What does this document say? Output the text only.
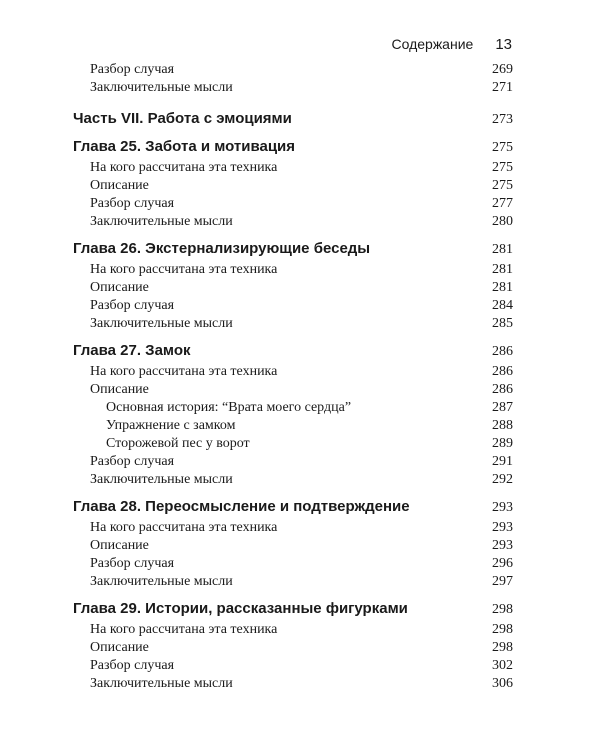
Содержание 13
Разбор случая	269
Заключительные мысли	271
Часть VII. Работа с эмоциями	273
Глава 25. Забота и мотивация	275
На кого рассчитана эта техника	275
Описание	275
Разбор случая	277
Заключительные мысли	280
Глава 26. Экстернализирующие беседы	281
На кого рассчитана эта техника	281
Описание	281
Разбор случая	284
Заключительные мысли	285
Глава 27. Замок	286
На кого рассчитана эта техника	286
Описание	286
Основная история: “Врата моего сердца”	287
Упражнение с замком	288
Сторожевой пес у ворот	289
Разбор случая	291
Заключительные мысли	292
Глава 28. Переосмысление и подтверждение	293
На кого рассчитана эта техника	293
Описание	293
Разбор случая	296
Заключительные мысли	297
Глава 29. Истории, рассказанные фигурками	298
На кого рассчитана эта техника	298
Описание	298
Разбор случая	302
Заключительные мысли	306
